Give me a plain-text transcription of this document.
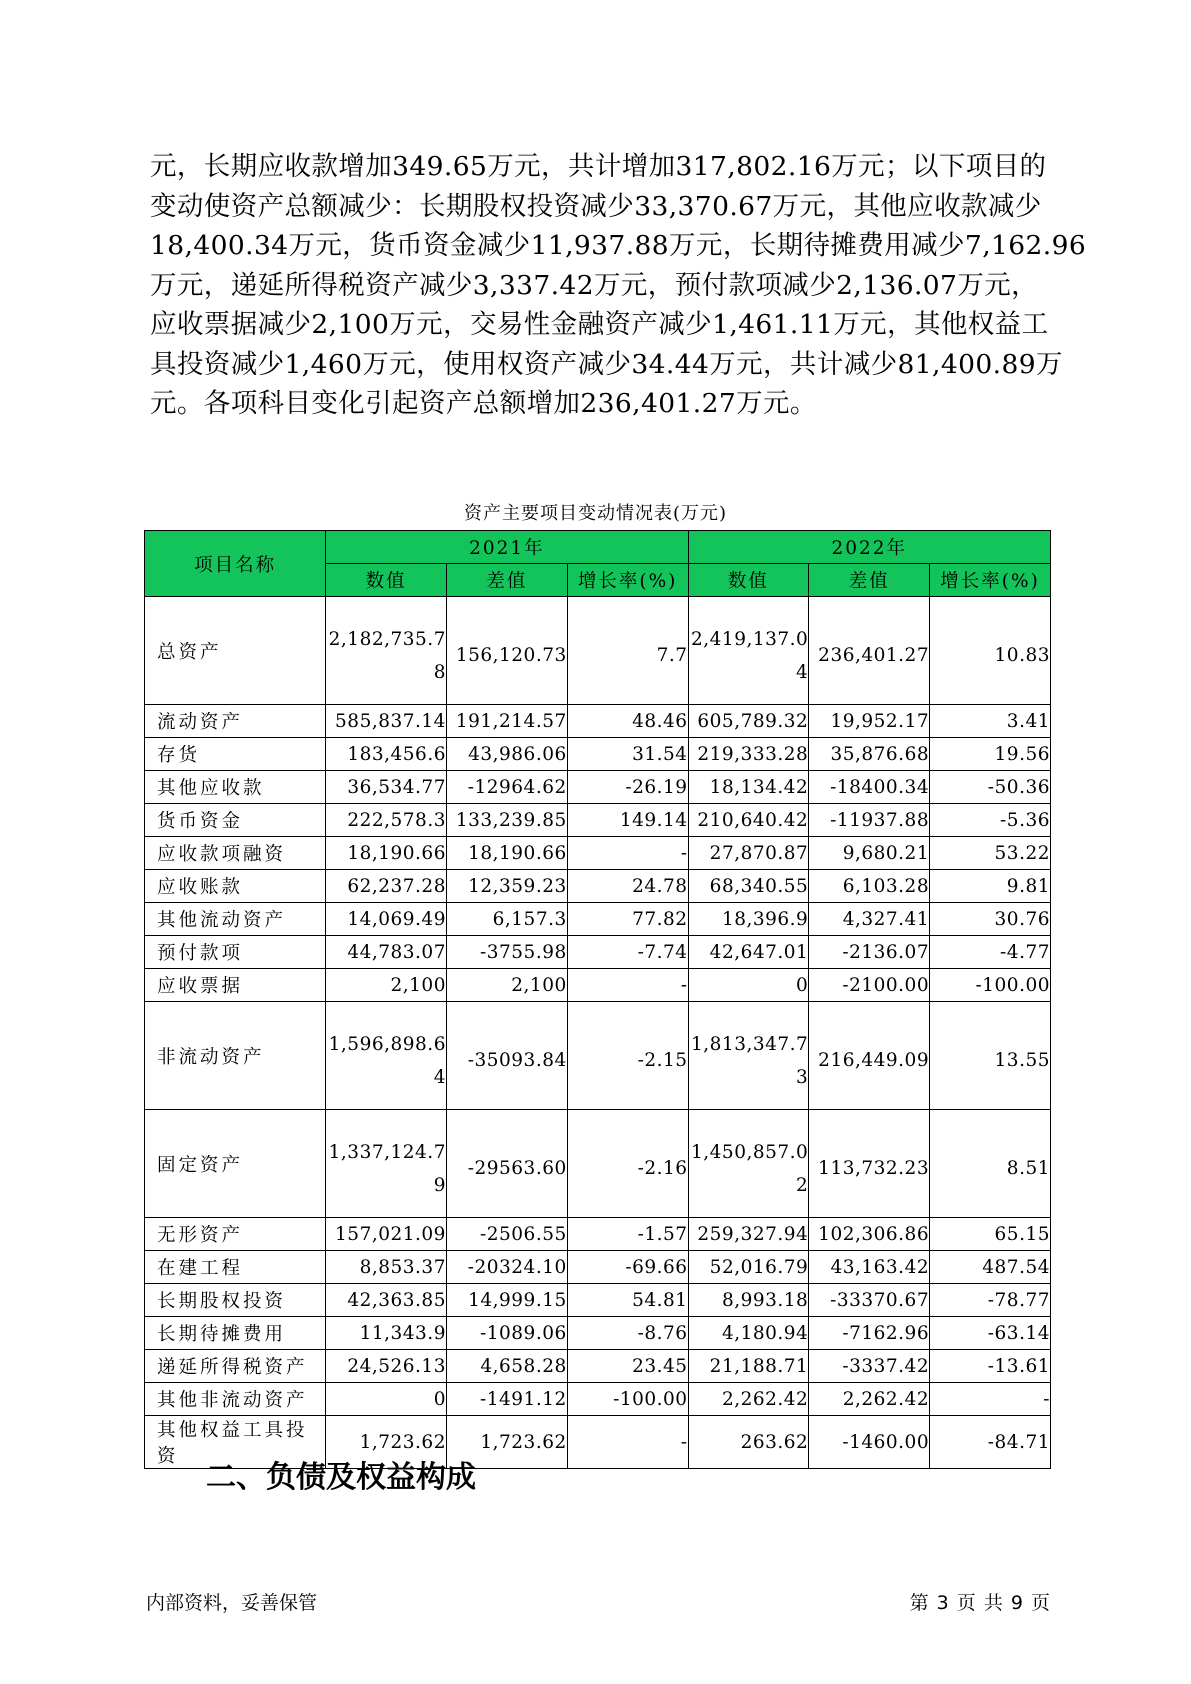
元，长期应收款增加349.65万元，共计增加317,802.16万元；以下项目的
变动使资产总额减少：长期股权投资减少33,370.67万元，其他应收款减少
18,400.34万元，货币资金减少11,937.88万元，长期待摊费用减少7,162.96
万元，递延所得税资产减少3,337.42万元，预付款项减少2,136.07万元，
应收票据减少2,100万元，交易性金融资产减少1,461.11万元，其他权益工
具投资减少1,460万元，使用权资产减少34.44万元，共计减少81,400.89万
元。各项科目变化引起资产总额增加236,401.27万元。
资产主要项目变动情况表(万元)
项目名称	2021年			2022年		
	数值	差值	增长率(%)	数值	差值	增长率(%)
总资产	2,182,735.78	156,120.73	7.7	2,419,137.04	236,401.27	10.83
流动资产	585,837.14	191,214.57	48.46	605,789.32	19,952.17	3.41
存货	183,456.6	43,986.06	31.54	219,333.28	35,876.68	19.56
其他应收款	36,534.77	-12964.62	-26.19	18,134.42	-18400.34	-50.36
货币资金	222,578.3	133,239.85	149.14	210,640.42	-11937.88	-5.36
应收款项融资	18,190.66	18,190.66	-	27,870.87	9,680.21	53.22
应收账款	62,237.28	12,359.23	24.78	68,340.55	6,103.28	9.81
其他流动资产	14,069.49	6,157.3	77.82	18,396.9	4,327.41	30.76
预付款项	44,783.07	-3755.98	-7.74	42,647.01	-2136.07	-4.77
应收票据	2,100	2,100	-	0	-2100.00	-100.00
非流动资产	1,596,898.64	-35093.84	-2.15	1,813,347.73	216,449.09	13.55
固定资产	1,337,124.79	-29563.60	-2.16	1,450,857.02	113,732.23	8.51
无形资产	157,021.09	-2506.55	-1.57	259,327.94	102,306.86	65.15
在建工程	8,853.37	-20324.10	-69.66	52,016.79	43,163.42	487.54
长期股权投资	42,363.85	14,999.15	54.81	8,993.18	-33370.67	-78.77
长期待摊费用	11,343.9	-1089.06	-8.76	4,180.94	-7162.96	-63.14
递延所得税资产	24,526.13	4,658.28	23.45	21,188.71	-3337.42	-13.61
其他非流动资产	0	-1491.12	-100.00	2,262.42	2,262.42	-
其他权益工具投资	1,723.62	1,723.62	-	263.62	-1460.00	-84.71
二、负债及权益构成
内部资料，妥善保管	第 3 页 共 9 页
